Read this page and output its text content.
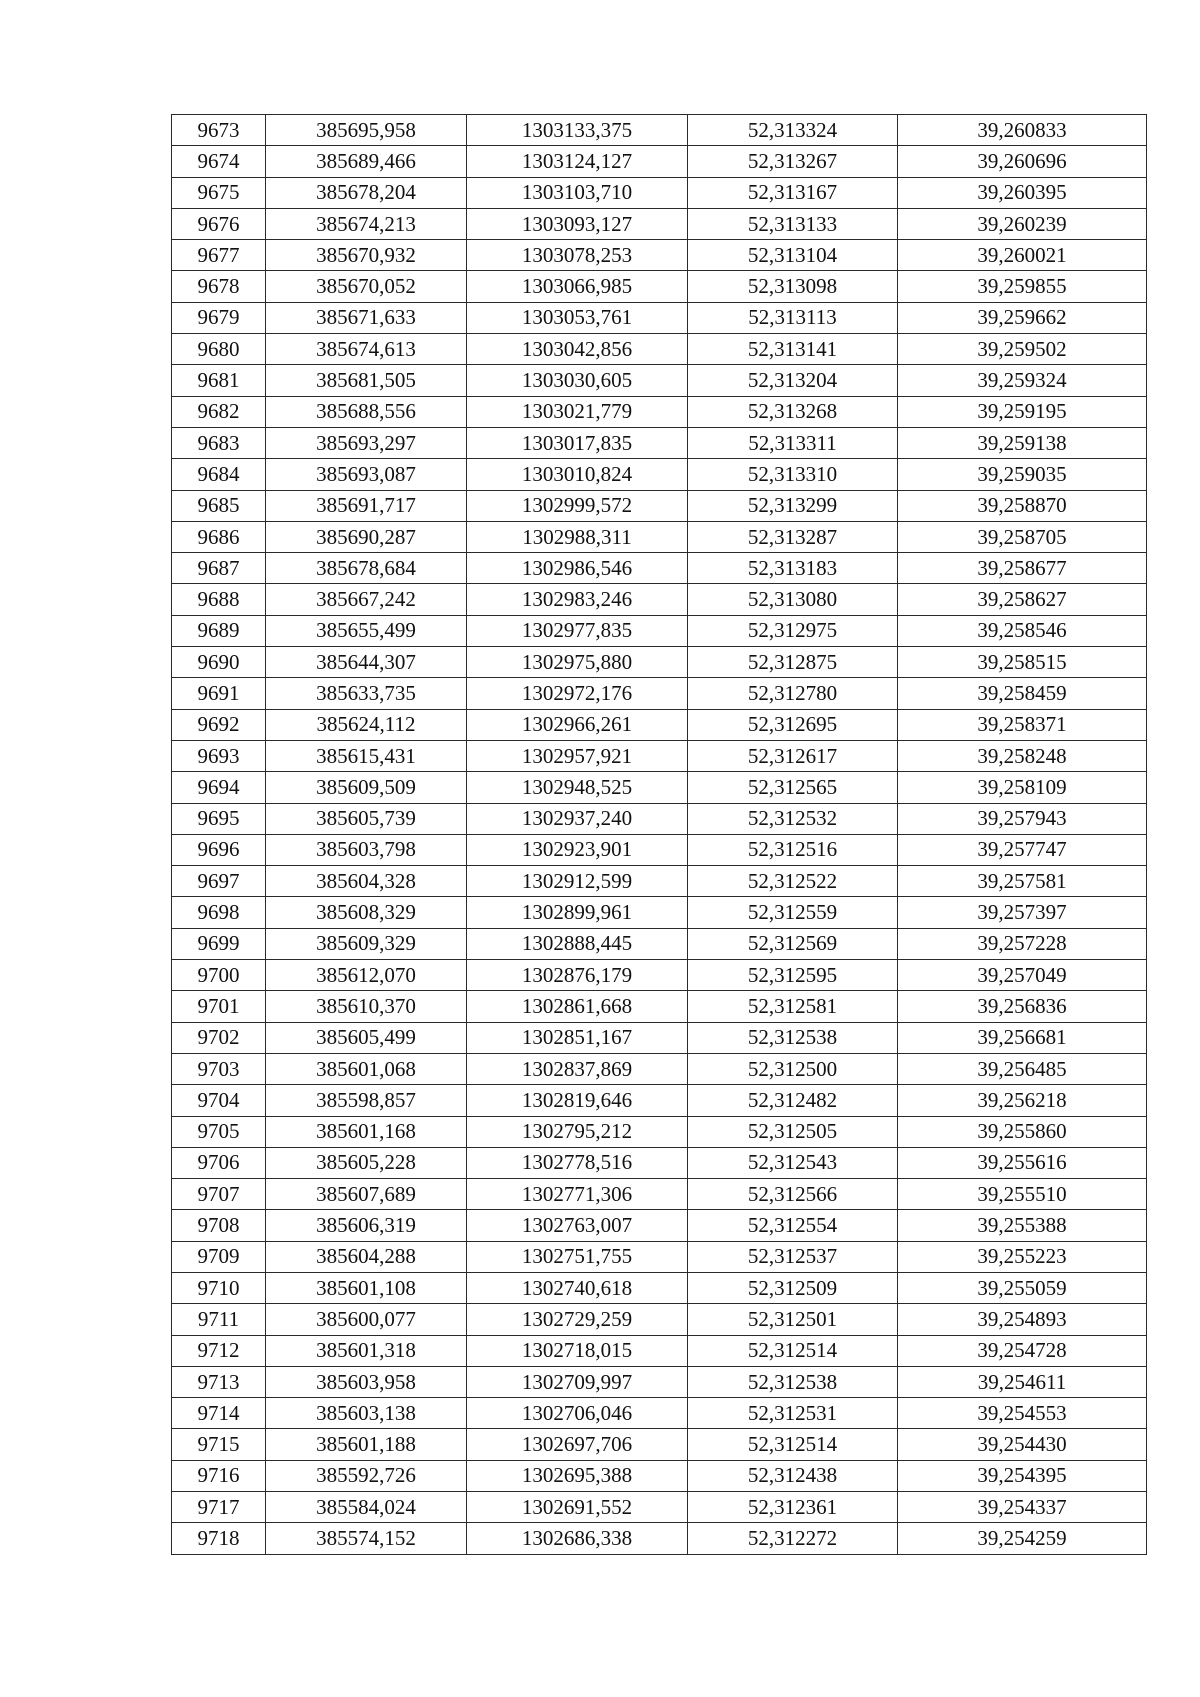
9673	385695,958	1303133,375	52,313324	39,260833
9674	385689,466	1303124,127	52,313267	39,260696
9675	385678,204	1303103,710	52,313167	39,260395
9676	385674,213	1303093,127	52,313133	39,260239
9677	385670,932	1303078,253	52,313104	39,260021
9678	385670,052	1303066,985	52,313098	39,259855
9679	385671,633	1303053,761	52,313113	39,259662
9680	385674,613	1303042,856	52,313141	39,259502
9681	385681,505	1303030,605	52,313204	39,259324
9682	385688,556	1303021,779	52,313268	39,259195
9683	385693,297	1303017,835	52,313311	39,259138
9684	385693,087	1303010,824	52,313310	39,259035
9685	385691,717	1302999,572	52,313299	39,258870
9686	385690,287	1302988,311	52,313287	39,258705
9687	385678,684	1302986,546	52,313183	39,258677
9688	385667,242	1302983,246	52,313080	39,258627
9689	385655,499	1302977,835	52,312975	39,258546
9690	385644,307	1302975,880	52,312875	39,258515
9691	385633,735	1302972,176	52,312780	39,258459
9692	385624,112	1302966,261	52,312695	39,258371
9693	385615,431	1302957,921	52,312617	39,258248
9694	385609,509	1302948,525	52,312565	39,258109
9695	385605,739	1302937,240	52,312532	39,257943
9696	385603,798	1302923,901	52,312516	39,257747
9697	385604,328	1302912,599	52,312522	39,257581
9698	385608,329	1302899,961	52,312559	39,257397
9699	385609,329	1302888,445	52,312569	39,257228
9700	385612,070	1302876,179	52,312595	39,257049
9701	385610,370	1302861,668	52,312581	39,256836
9702	385605,499	1302851,167	52,312538	39,256681
9703	385601,068	1302837,869	52,312500	39,256485
9704	385598,857	1302819,646	52,312482	39,256218
9705	385601,168	1302795,212	52,312505	39,255860
9706	385605,228	1302778,516	52,312543	39,255616
9707	385607,689	1302771,306	52,312566	39,255510
9708	385606,319	1302763,007	52,312554	39,255388
9709	385604,288	1302751,755	52,312537	39,255223
9710	385601,108	1302740,618	52,312509	39,255059
9711	385600,077	1302729,259	52,312501	39,254893
9712	385601,318	1302718,015	52,312514	39,254728
9713	385603,958	1302709,997	52,312538	39,254611
9714	385603,138	1302706,046	52,312531	39,254553
9715	385601,188	1302697,706	52,312514	39,254430
9716	385592,726	1302695,388	52,312438	39,254395
9717	385584,024	1302691,552	52,312361	39,254337
9718	385574,152	1302686,338	52,312272	39,254259
